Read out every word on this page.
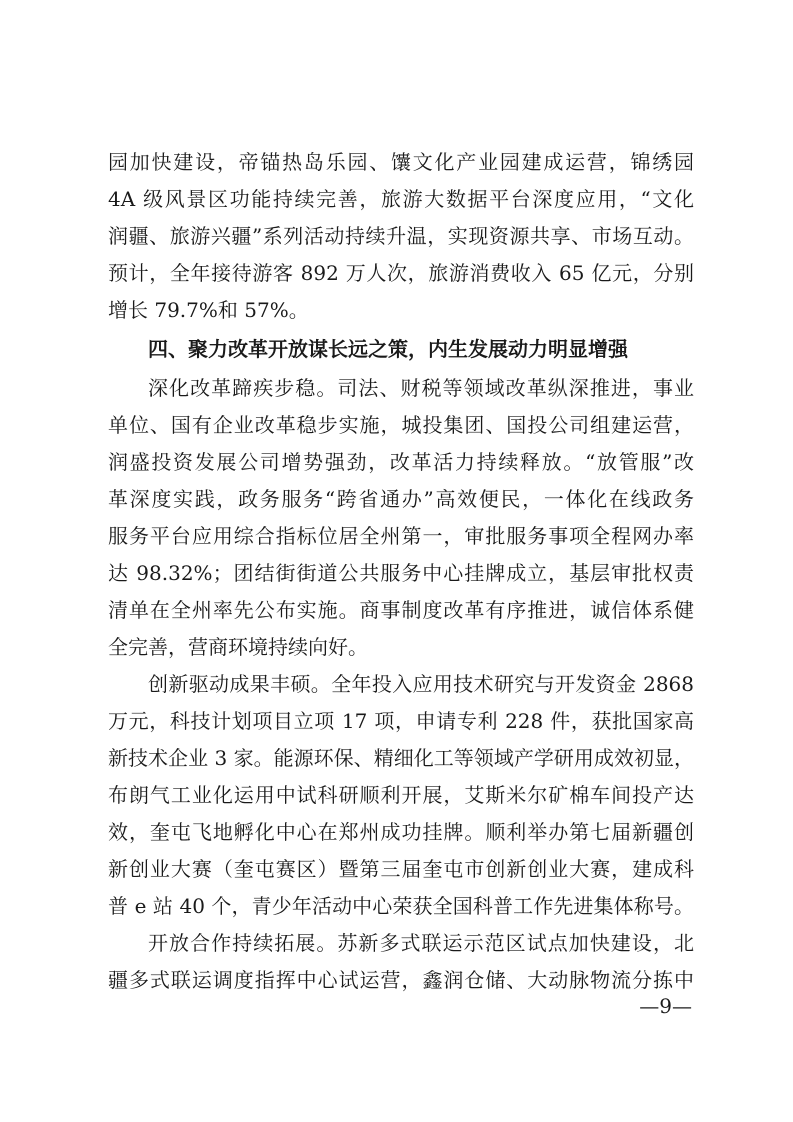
园加快建设，帝锚热岛乐园、馕文化产业园建成运营，锦绣园
4A 级风景区功能持续完善，旅游大数据平台深度应用，“文化
润疆、旅游兴疆”系列活动持续升温，实现资源共享、市场互动。
预计，全年接待游客 892 万人次，旅游消费收入 65 亿元，分别
增长 79.7%和 57%。
四、聚力改革开放谋长远之策，内生发展动力明显增强
深化改革蹄疾步稳。司法、财税等领域改革纵深推进，事业
单位、国有企业改革稳步实施，城投集团、国投公司组建运营，
润盛投资发展公司增势强劲，改革活力持续释放。“放管服”改
革深度实践，政务服务“跨省通办”高效便民，一体化在线政务
服务平台应用综合指标位居全州第一，审批服务事项全程网办率
达 98.32%；团结街街道公共服务中心挂牌成立，基层审批权责
清单在全州率先公布实施。商事制度改革有序推进，诚信体系健
全完善，营商环境持续向好。
创新驱动成果丰硕。全年投入应用技术研究与开发资金 2868
万元，科技计划项目立项 17 项，申请专利 228 件，获批国家高
新技术企业 3 家。能源环保、精细化工等领域产学研用成效初显，
布朗气工业化运用中试科研顺利开展，艾斯米尔矿棉车间投产达
效，奎屯飞地孵化中心在郑州成功挂牌。顺利举办第七届新疆创
新创业大赛（奎屯赛区）暨第三届奎屯市创新创业大赛，建成科
普 e 站 40 个，青少年活动中心荣获全国科普工作先进集体称号。
开放合作持续拓展。苏新多式联运示范区试点加快建设，北
疆多式联运调度指挥中心试运营，鑫润仓储、大动脉物流分拣中
—9—
